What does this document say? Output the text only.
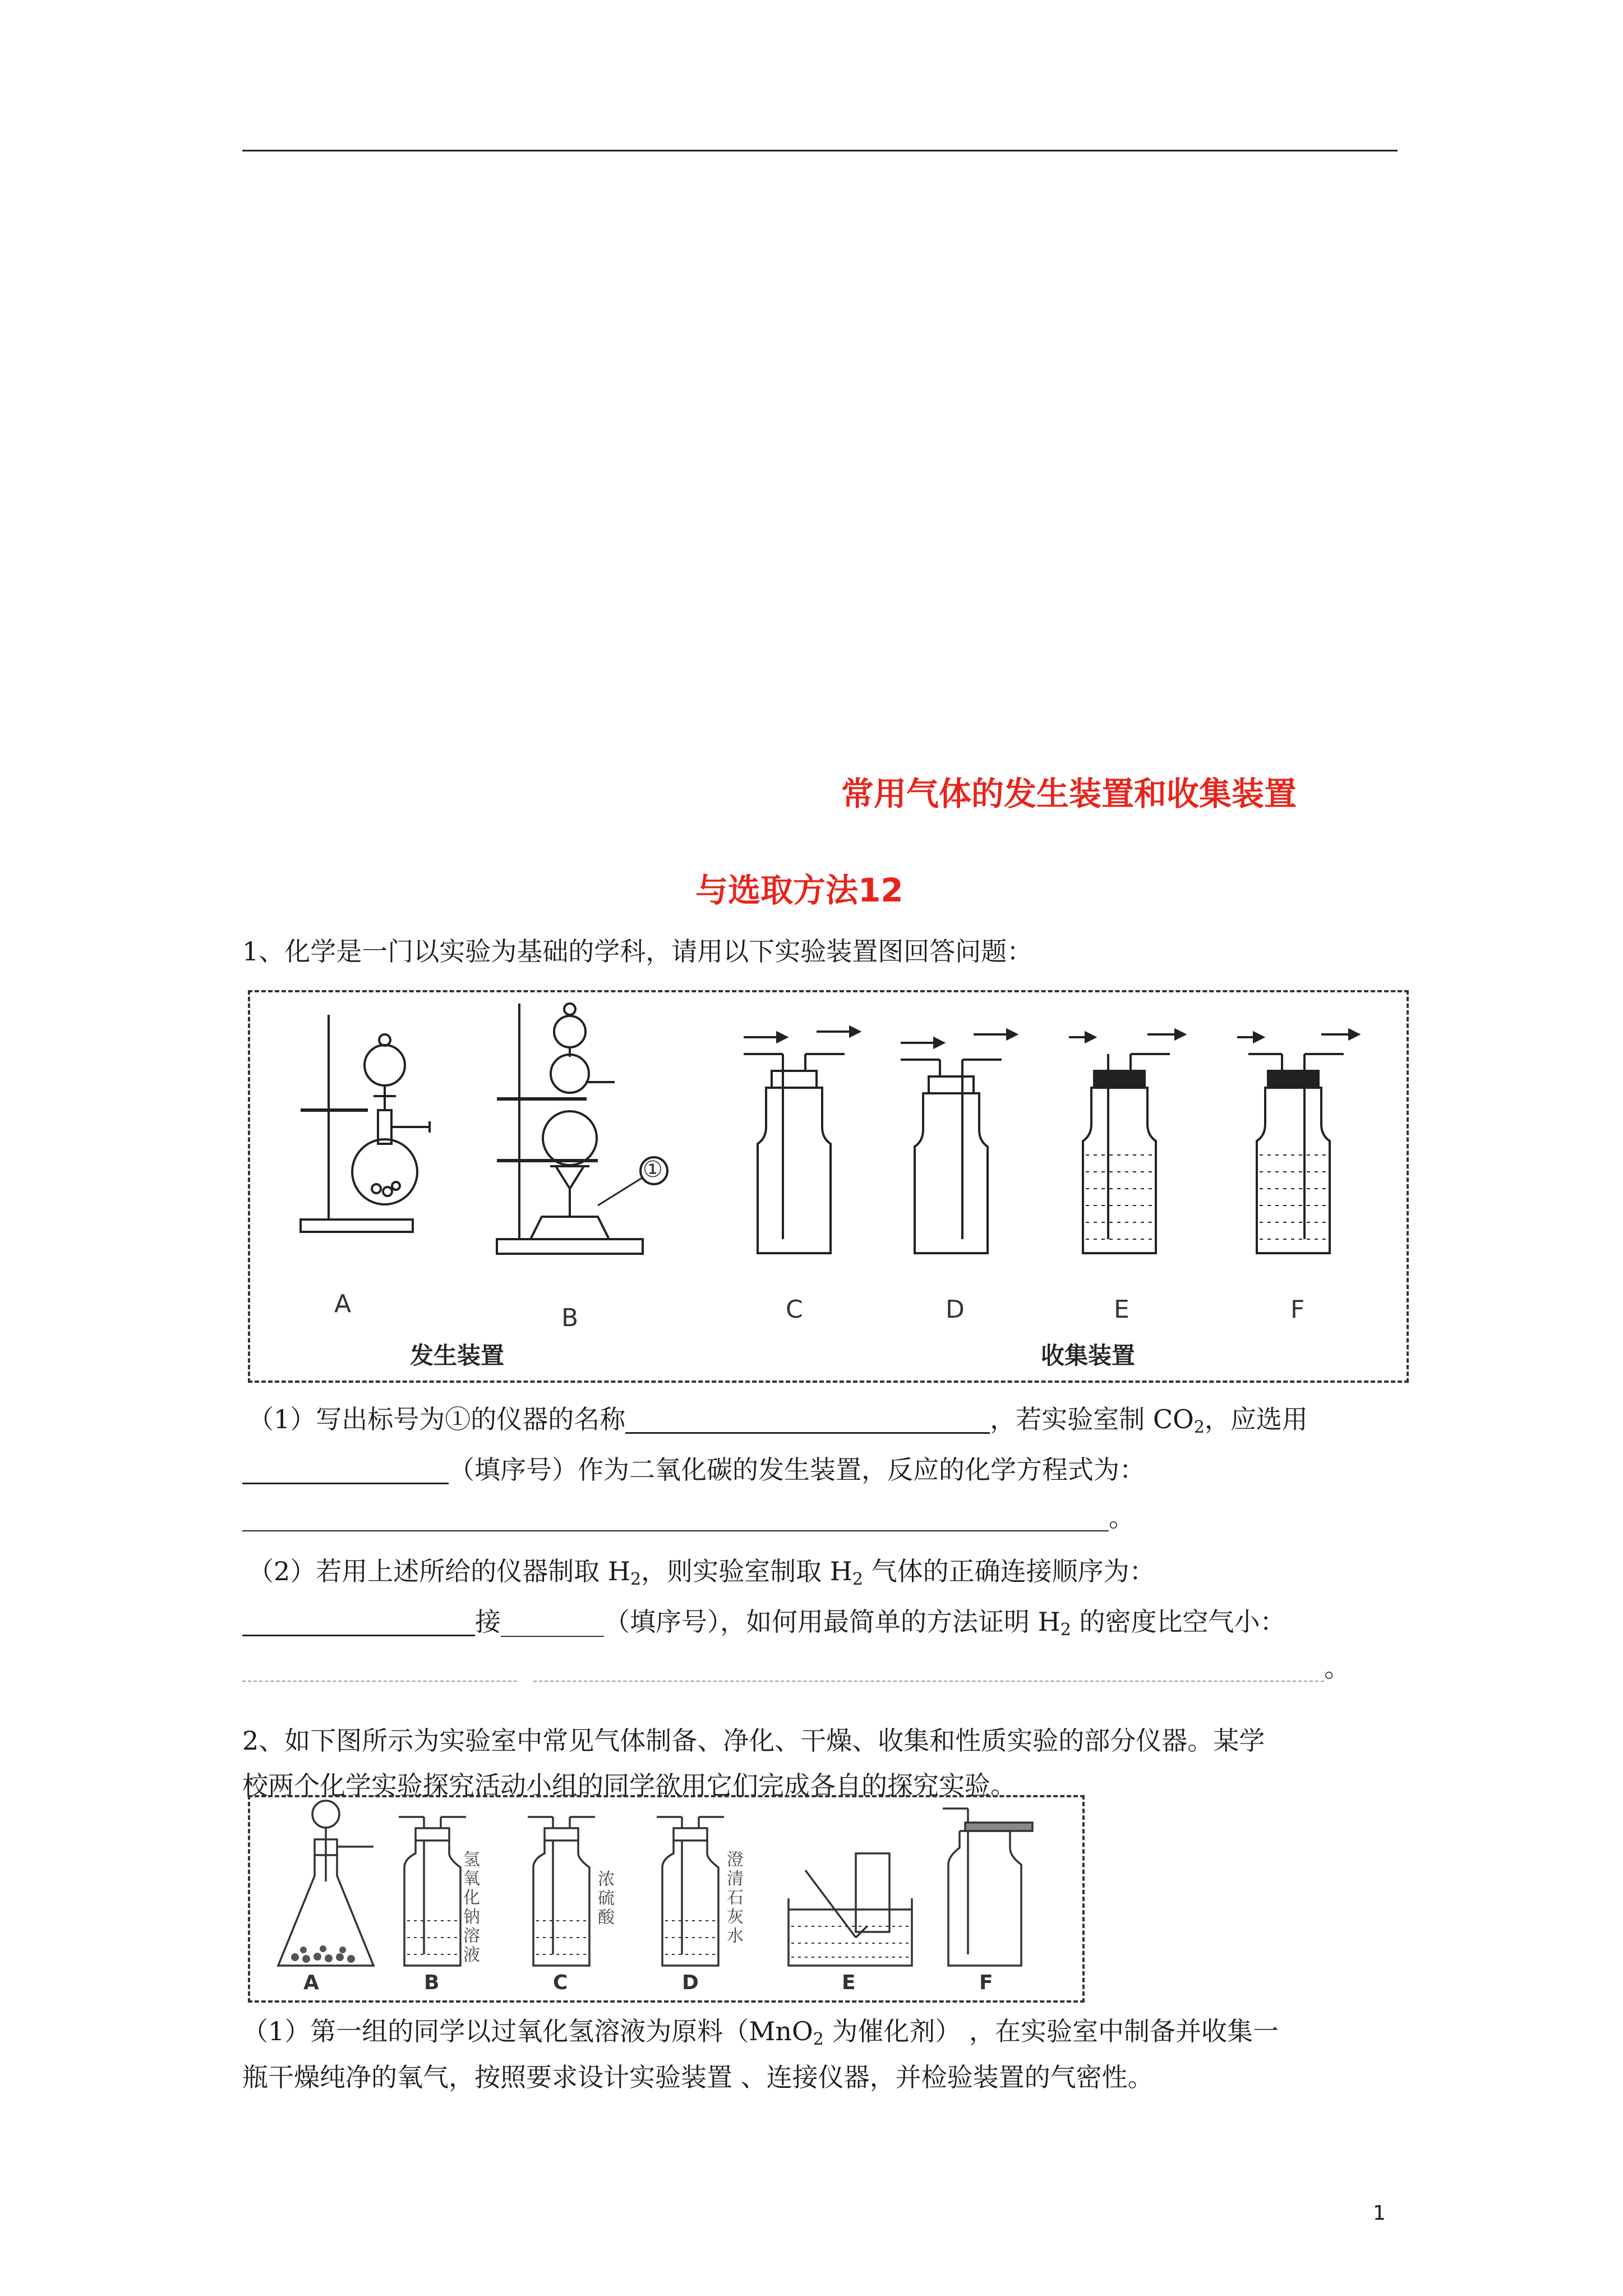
常用气体的发生装置和收集装置
与选取方法12
1、化学是一门以实验为基础的学科，请用以下实验装置图回答问题：
①
A	B	C	D	E	F
发生装置	收集装置
（1）写出标号为①的仪器的名称	，若实验室制 $CO_2$，应选用
（填序号）作为二氧化碳的发生装置，反应的化学方程式为：
。
（2）若用上述所给的仪器制取 $H_2$，则实验室制取 $H_2$ 气体的正确连接顺序为：
接________（填序号），如何用最简单的方法证明 $H_2$ 的密度比空气小：
。
2、如下图所示为实验室中常见气体制备、净化、干燥、收集和性质实验的部分仪器。某学
校两个化学实验探究活动小组的同学欲用它们完成各自的探究实验。
氢氧化钠溶液
浓硫酸
澄清石灰水
A	B	C	D	E	F
（1）第一组的同学以过氧化氢溶液为原料（MnO$_2$ 为催化剂） ，在实验室中制备并收集一
瓶干燥纯净的氧气，按照要求设计实验装置 、连接仪器，并检验装置的气密性。
1
